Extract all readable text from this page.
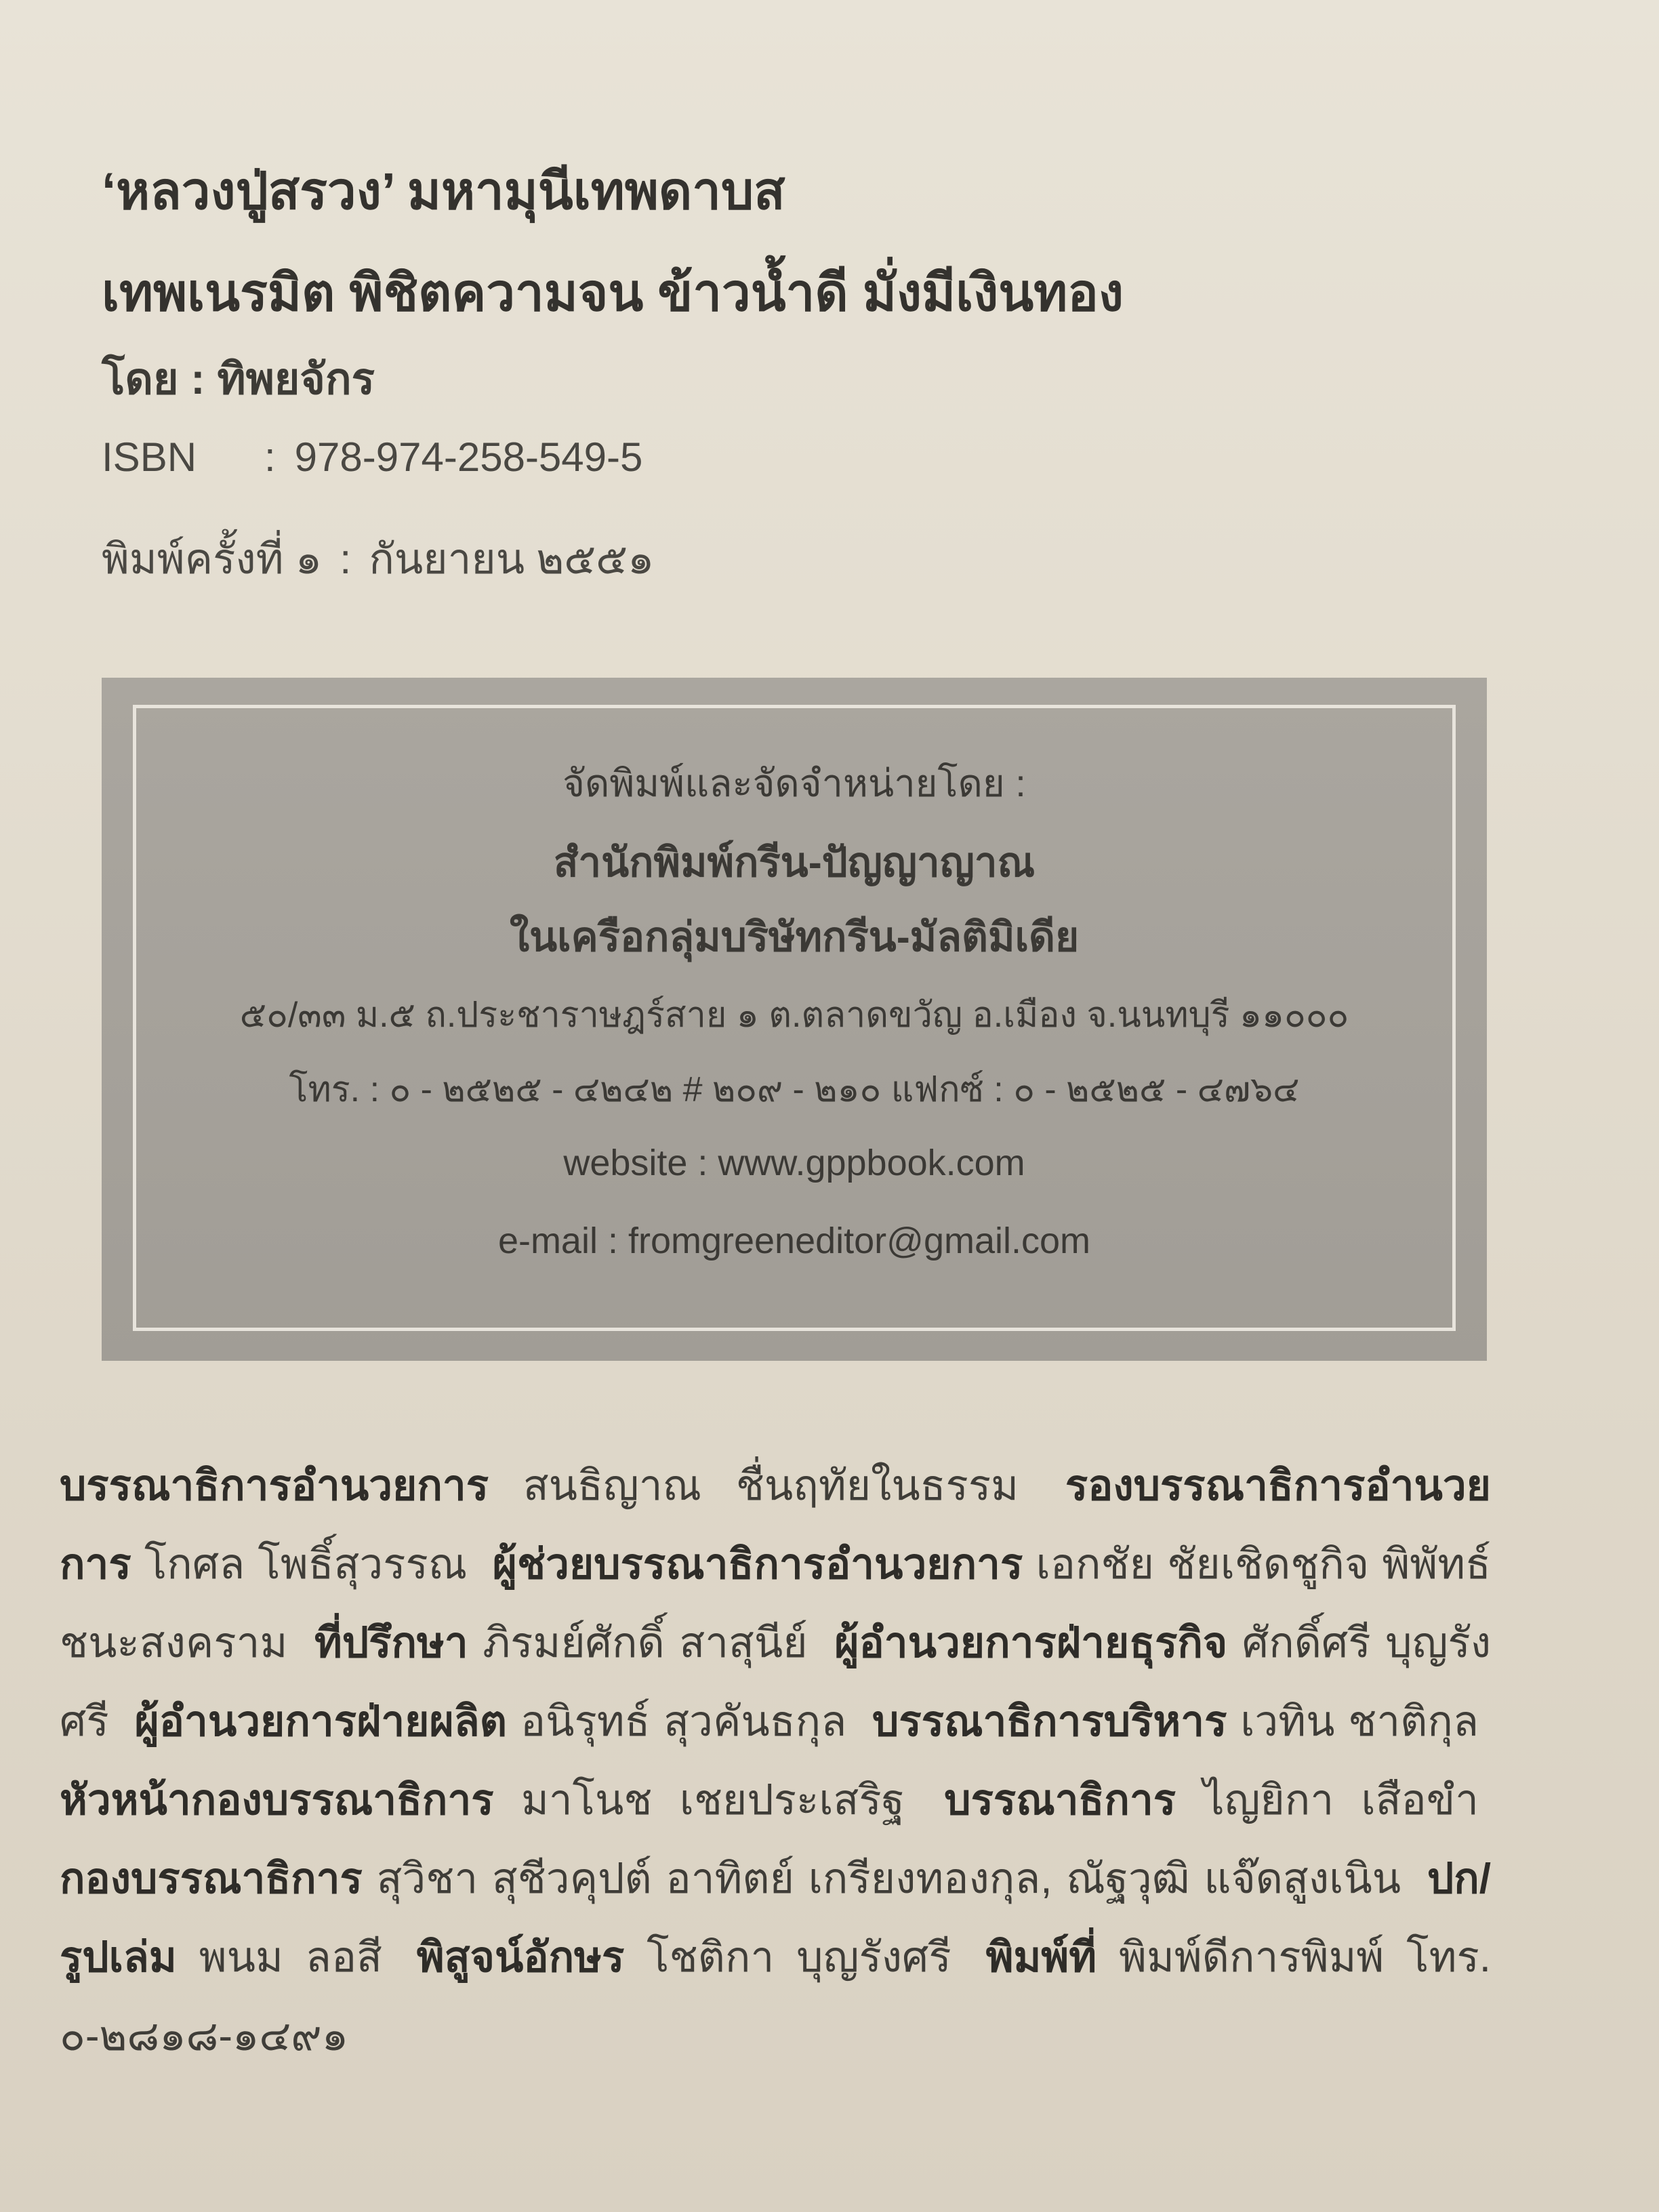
‘หลวงปู่สรวง’ มหามุนีเทพดาบส
เทพเนรมิต พิชิตความจน ข้าวน้ำดี มั่งมีเงินทอง
โดย : ทิพยจักร
ISBN : 978-974-258-549-5
พิมพ์ครั้งที่ ๑ : กันยายน ๒๕๕๑
จัดพิมพ์และจัดจำหน่ายโดย :
สำนักพิมพ์กรีน-ปัญญาญาณ
ในเครือกลุ่มบริษัทกรีน-มัลติมิเดีย
๕๐/๓๓ ม.๕ ถ.ประชาราษฎร์สาย ๑ ต.ตลาดขวัญ อ.เมือง จ.นนทบุรี ๑๑๐๐๐
โทร. : ๐ - ๒๕๒๕ - ๔๒๔๒ # ๒๐๙ - ๒๑๐ แฟกซ์ : ๐ - ๒๕๒๕ - ๔๗๖๔
website : www.gppbook.com
e-mail : fromgreeneditor@gmail.com
บรรณาธิการอำนวยการ สนธิญาณ ชื่นฤทัยในธรรม รองบรรณาธิการอำนวยการ โกศล โพธิ์สุวรรณ ผู้ช่วยบรรณาธิการอำนวยการ เอกชัย ชัยเชิดชูกิจ พิพัทธ์ ชนะสงคราม ที่ปรึกษา ภิรมย์ศักดิ์ สาสุนีย์ ผู้อำนวยการฝ่ายธุรกิจ ศักดิ์ศรี บุญรังศรี ผู้อำนวยการฝ่ายผลิต อนิรุทธ์ สุวคันธกุล บรรณาธิการบริหาร เวทิน ชาติกุล หัวหน้ากองบรรณาธิการ มาโนช เชยประเสริฐ บรรณาธิการ ไญยิกา เสือขำ กองบรรณาธิการ สุวิชา สุชีวคุปต์ อาทิตย์ เกรียงทองกุล, ณัฐวุฒิ แจ๊ดสูงเนิน ปก/รูปเล่ม พนม ลอสี พิสูจน์อักษร โชติกา บุญรังศรี พิมพ์ที่ พิมพ์ดีการพิมพ์ โทร. ๐-๒๘๑๘-๑๔๙๑
